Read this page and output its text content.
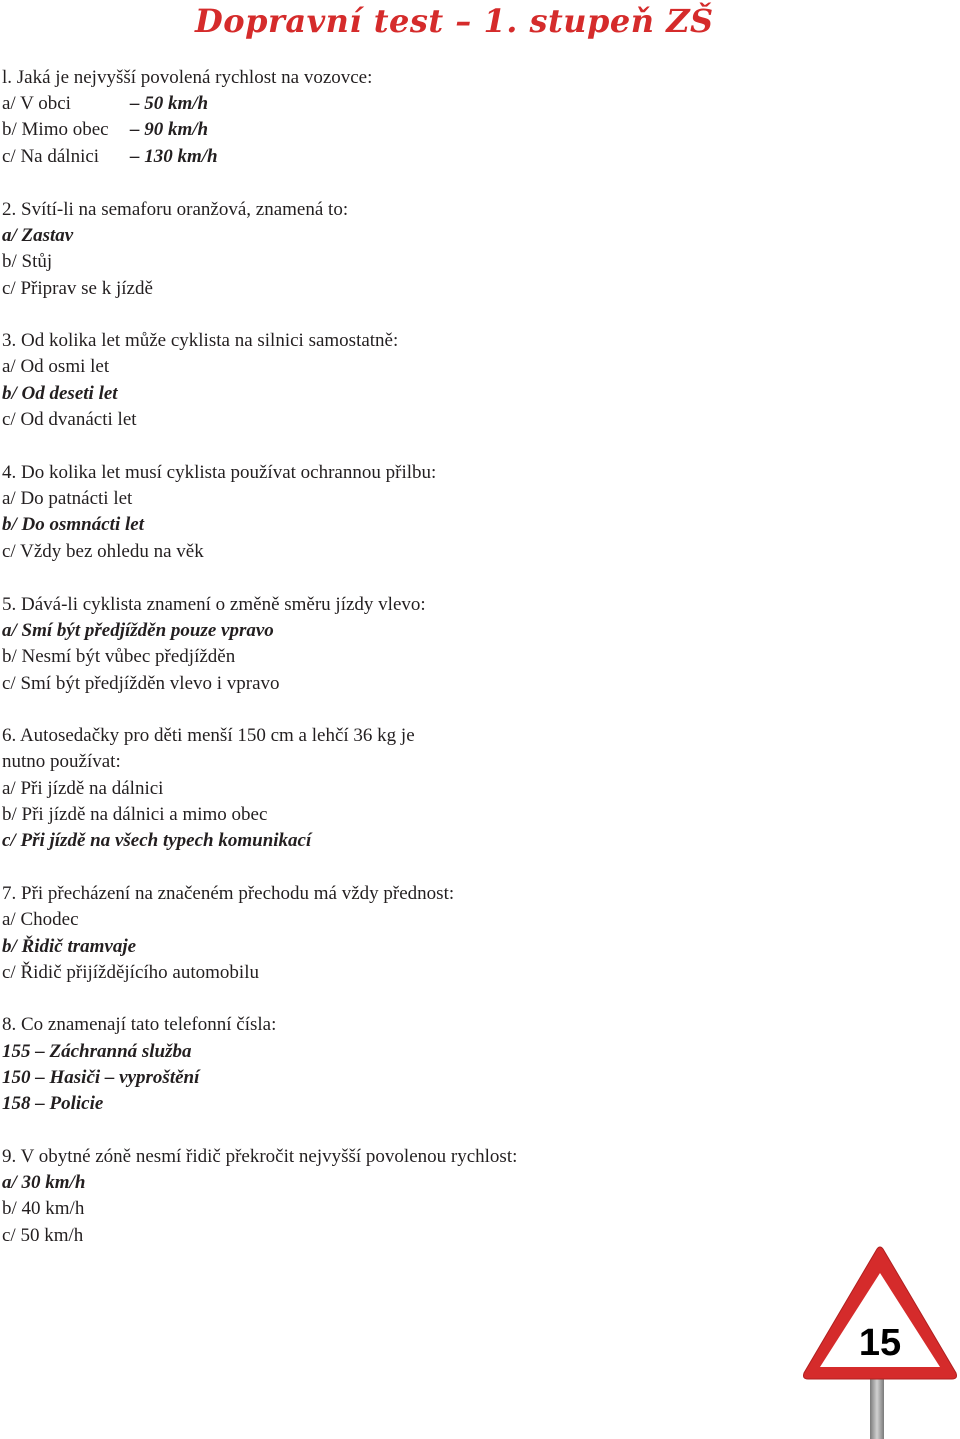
Dopravní test – 1. stupeň ZŠ
l. Jaká je nejvyšší povolená rychlost na vozovce:
a/ V obci	– 50 km/h
b/ Mimo obec – 90 km/h
c/ Na dálnici – 130 km/h
2. Svítí-li na semaforu oranžová, znamená to:
a/ Zastav
b/ Stůj
c/ Připrav se k jízdě
3. Od kolika let může cyklista na silnici samostatně:
a/ Od osmi let
b/ Od deseti let
c/ Od dvanácti let
4. Do kolika let musí cyklista používat ochrannou přilbu:
a/ Do patnácti let
b/ Do osmnácti let
c/ Vždy bez ohledu na věk
5. Dává-li cyklista znamení o změně směru jízdy vlevo:
a/ Smí být předjížděn pouze vpravo
b/ Nesmí být vůbec předjížděn
c/ Smí být předjížděn vlevo i vpravo
6. Autosedačky pro děti menší 150 cm a lehčí 36 kg je
nutno používat:
a/ Při jízdě na dálnici
b/ Při jízdě na dálnici a mimo obec
c/ Při jízdě na všech typech komunikací
7. Při přecházení na značeném přechodu má vždy přednost:
a/ Chodec
b/ Řidič tramvaje
c/ Řidič přijíždějícího automobilu
8. Co znamenají tato telefonní čísla:
155 – Záchranná služba
150 – Hasiči – vyproštění
158 – Policie
9. V obytné zóně nesmí řidič překročit nejvyšší povolenou rychlost:
a/ 30 km/h
b/ 40 km/h
c/ 50 km/h
15
